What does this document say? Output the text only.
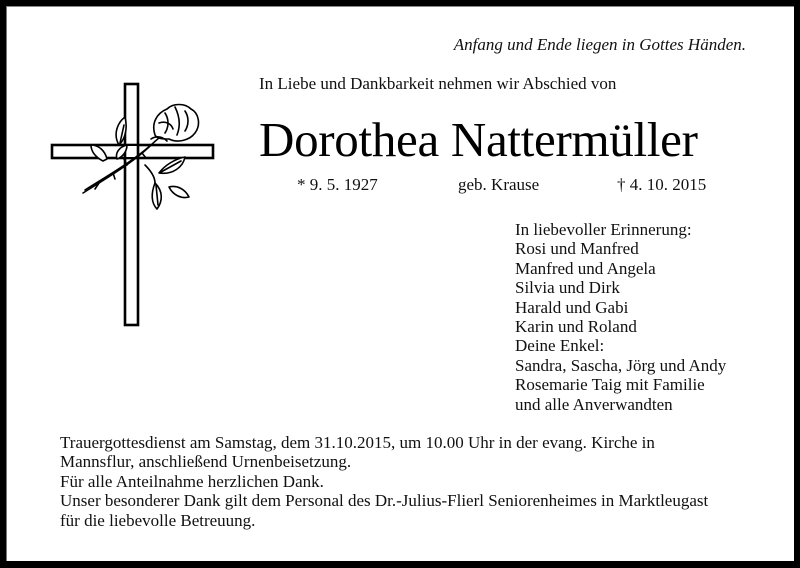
Anfang und Ende liegen in Gottes Händen.
In Liebe und Dankbarkeit nehmen wir Abschied von
Dorothea Nattermüller
* 9. 5. 1927	geb. Krause	† 4. 10. 2015
In liebevoller Erinnerung:
Rosi und Manfred
Manfred und Angela
Silvia und Dirk
Harald und Gabi
Karin und Roland
Deine Enkel:
Sandra, Sascha, Jörg und Andy
Rosemarie Taig mit Familie
und alle Anverwandten
Trauergottesdienst am Samstag, dem 31.10.2015, um 10.00 Uhr in der evang. Kirche in
Mannsflur, anschließend Urnenbeisetzung.
Für alle Anteilnahme herzlichen Dank.
Unser besonderer Dank gilt dem Personal des Dr.-Julius-Flierl Seniorenheimes in Marktleugast
für die liebevolle Betreuung.
